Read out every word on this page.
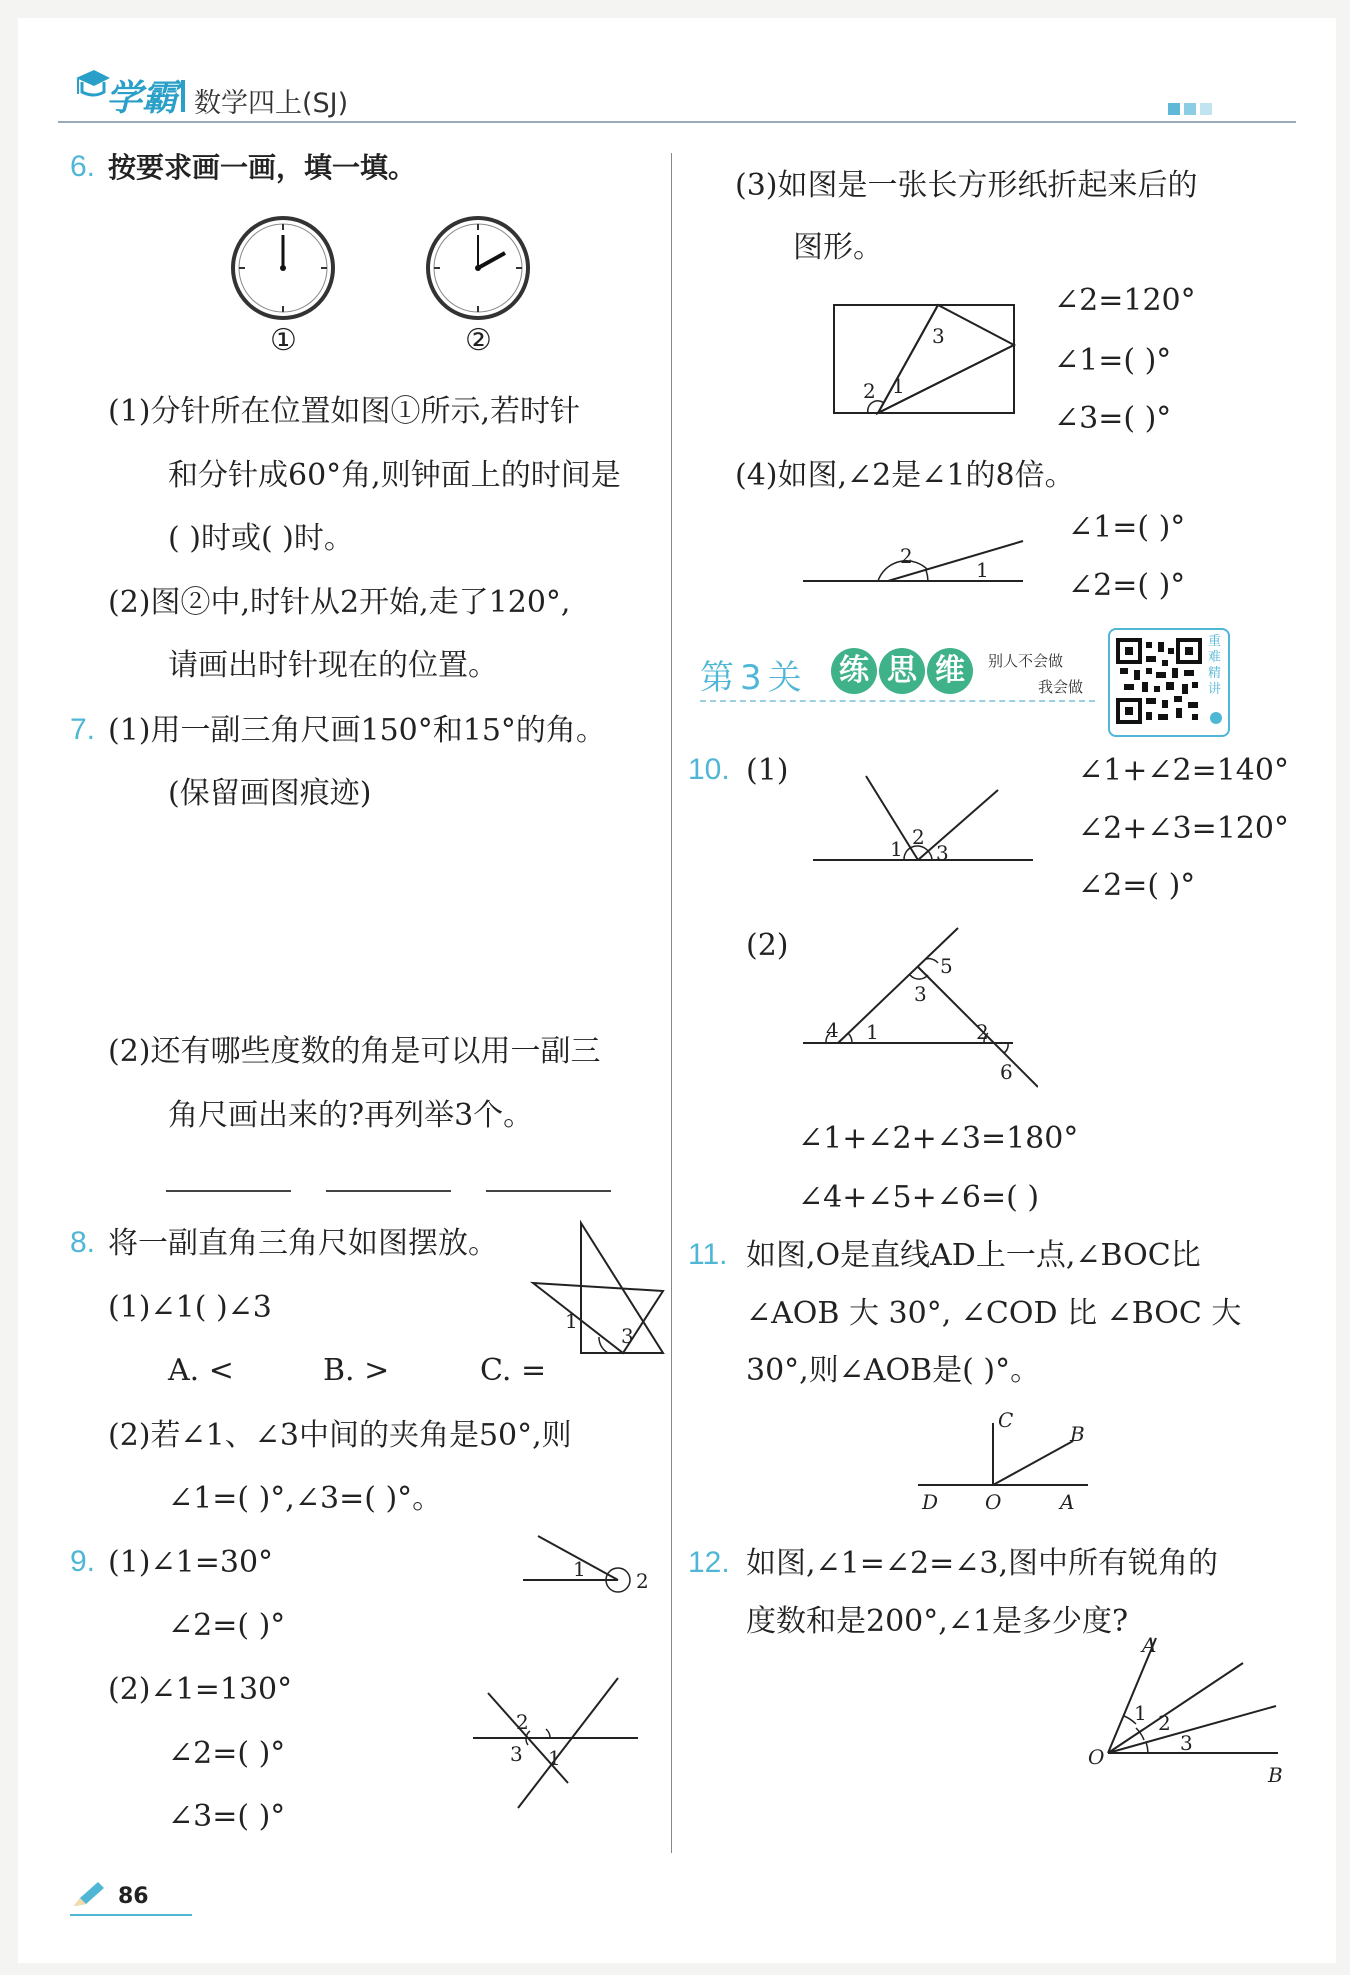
学霸 数学四上(SJ)
6. 按要求画一画，填一填。
①	②
(1)分针所在位置如图①所示,若时针
和分针成60°角,则钟面上的时间是
( )时或( )时。
(2)图②中,时针从2开始,走了120°,
请画出时针现在的位置。
7. (1)用一副三角尺画150°和15°的角。
(保留画图痕迹)
(2)还有哪些度数的角是可以用一副三
角尺画出来的?再列举3个。
8. 将一副直角三角尺如图摆放。
(1)∠1( )∠3
A. <	B. >	C. =
(2)若∠1、∠3中间的夹角是50°,则
∠1=( )°,∠3=( )°。
1
3
9. (1)∠1=30°
∠2=( )°
(2)∠1=130°
∠2=( )°
∠3=( )°
1	2
2
3 1
(3)如图是一张长方形纸折起来后的
图形。
3
2 1
∠2=120°
∠1=( )°
∠3=( )°
(4)如图,∠2是∠1的8倍。
2
1
∠1=( )°
∠2=( )°
第3关 练 思 维	别人不会做
我会做
重难精讲
10. (1)
1 2
3
∠1+∠2=140°
∠2+∠3=120°
∠2=( )°
(2)
5
3
4 1	2
6
∠1+∠2+∠3=180°
∠4+∠5+∠6=( )
11. 如图,O是直线AD上一点,∠BOC比
∠AOB 大 30°, ∠COD 比 ∠BOC 大
30°,则∠AOB是( )°。
C
B
D O	A
12. 如图,∠1=∠2=∠3,图中所有锐角的
度数和是200°,∠1是多少度?
A
1 2
3
O
B
86
